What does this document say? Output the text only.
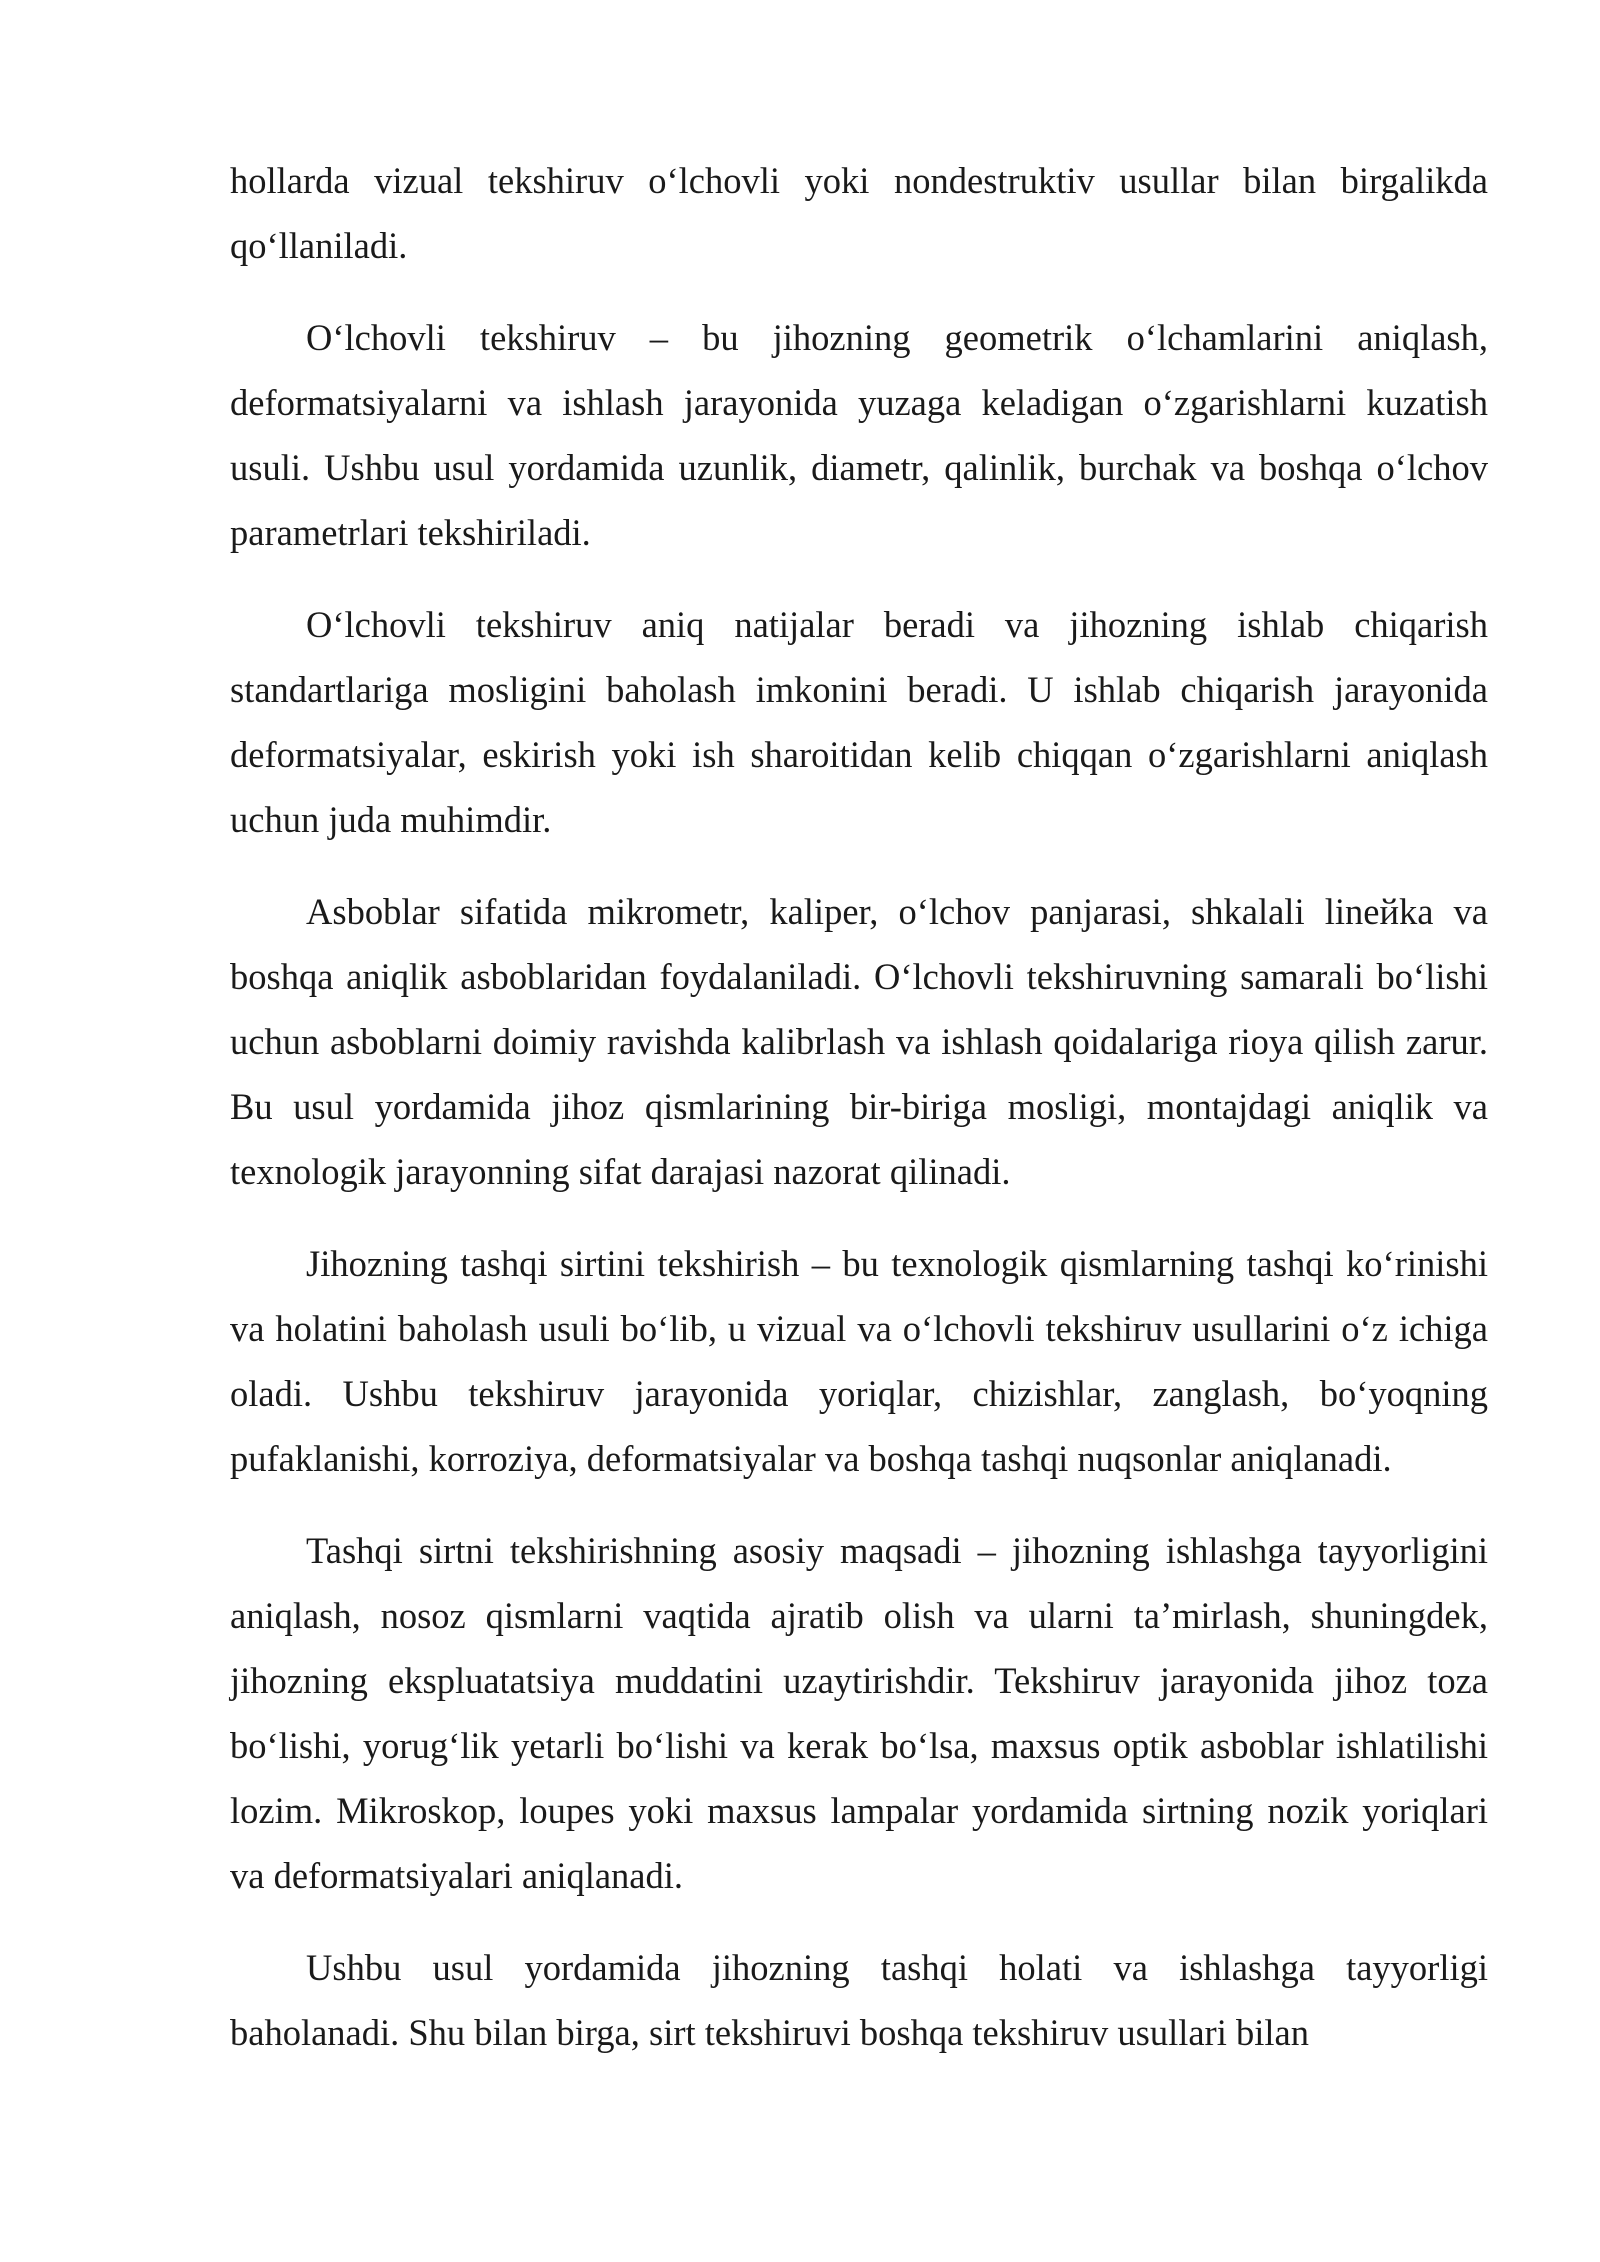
hollarda vizual tekshiruv o‘lchovli yoki nondestruktiv usullar bilan birgalikda qo‘llaniladi.

O‘lchovli tekshiruv – bu jihozning geometrik o‘lchamlarini aniqlash, deformatsiyalarni va ishlash jarayonida yuzaga keladigan o‘zgarishlarni kuzatish usuli. Ushbu usul yordamida uzunlik, diametr, qalinlik, burchak va boshqa o‘lchov parametrlari tekshiriladi.

O‘lchovli tekshiruv aniq natijalar beradi va jihozning ishlab chiqarish standartlariga mosligini baholash imkonini beradi. U ishlab chiqarish jarayonida deformatsiyalar, eskirish yoki ish sharoitidan kelib chiqqan o‘zgarishlarni aniqlash uchun juda muhimdir.

Asboblar sifatida mikrometr, kaliper, o‘lchov panjarasi, shkalali lineйka va boshqa aniqlik asboblaridan foydalaniladi. O‘lchovli tekshiruvning samarali bo‘lishi uchun asboblarni doimiy ravishda kalibrlash va ishlash qoidalariga rioya qilish zarur. Bu usul yordamida jihoz qismlarining bir-biriga mosligi, montajdagi aniqlik va texnologik jarayonning sifat darajasi nazorat qilinadi.

Jihozning tashqi sirtini tekshirish – bu texnologik qismlarning tashqi ko‘rinishi va holatini baholash usuli bo‘lib, u vizual va o‘lchovli tekshiruv usullarini o‘z ichiga oladi. Ushbu tekshiruv jarayonida yoriqlar, chizishlar, zanglash, bo‘yoqning pufaklanishi, korroziya, deformatsiyalar va boshqa tashqi nuqsonlar aniqlanadi.

Tashqi sirtni tekshirishning asosiy maqsadi – jihozning ishlashga tayyorligini aniqlash, nosoz qismlarni vaqtida ajratib olish va ularni ta’mirlash, shuningdek, jihozning ekspluatatsiya muddatini uzaytirishdir. Tekshiruv jarayonida jihoz toza bo‘lishi, yorug‘lik yetarli bo‘lishi va kerak bo‘lsa, maxsus optik asboblar ishlatilishi lozim. Mikroskop, loupes yoki maxsus lampalar yordamida sirtning nozik yoriqlari va deformatsiyalari aniqlanadi.

Ushbu usul yordamida jihozning tashqi holati va ishlashga tayyorligi baholanadi. Shu bilan birga, sirt tekshiruvi boshqa tekshiruv usullari bilan
